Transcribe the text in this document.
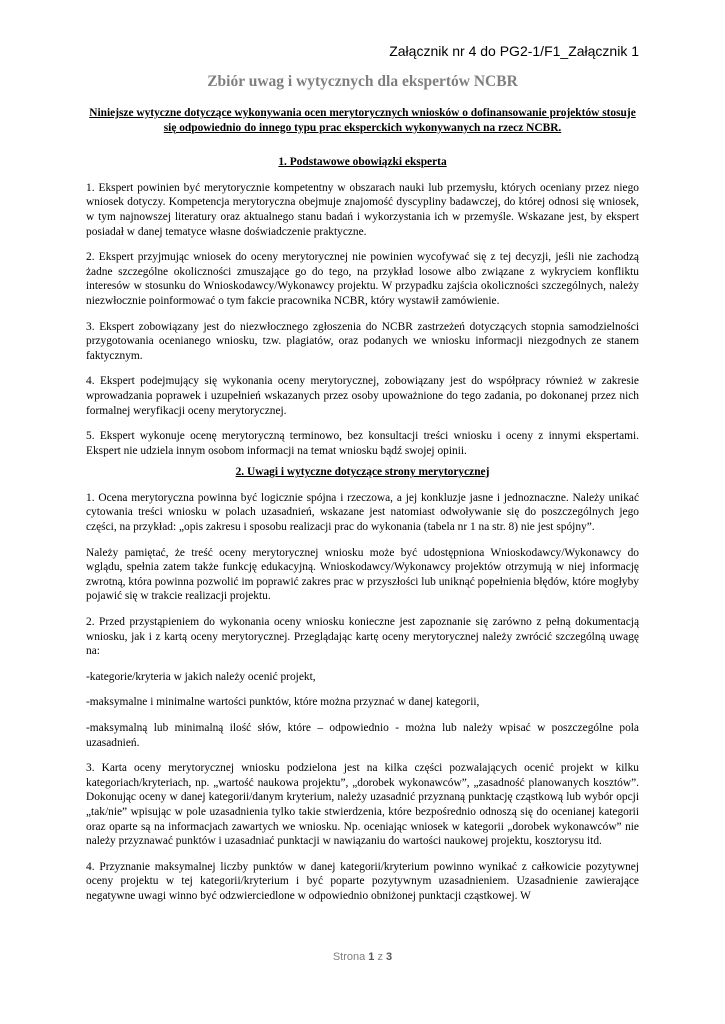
Załącznik nr 4 do PG2-1/F1_Załącznik 1
Zbiór uwag i wytycznych dla ekspertów NCBR
Niniejsze wytyczne dotyczące wykonywania ocen merytorycznych wniosków o dofinansowanie projektów stosuje się odpowiednio do innego typu prac eksperckich wykonywanych na rzecz NCBR.
1. Podstawowe obowiązki eksperta

1. Ekspert powinien być merytorycznie kompetentny w obszarach nauki lub przemysłu, których oceniany przez niego wniosek dotyczy. Kompetencja merytoryczna obejmuje znajomość dyscypliny badawczej, do której odnosi się wniosek, w tym najnowszej literatury oraz aktualnego stanu badań i wykorzystania ich w przemyśle. Wskazane jest, by ekspert posiadał w danej tematyce własne doświadczenie praktyczne.

2. Ekspert przyjmując wniosek do oceny merytorycznej nie powinien wycofywać się z tej decyzji, jeśli nie zachodzą żadne szczególne okoliczności zmuszające go do tego, na przykład losowe albo związane z wykryciem konfliktu interesów w stosunku do Wnioskodawcy/Wykonawcy projektu. W przypadku zajścia okoliczności szczególnych, należy niezwłocznie poinformować o tym fakcie pracownika NCBR, który wystawił zamówienie.

3. Ekspert zobowiązany jest do niezwłocznego zgłoszenia do NCBR zastrzeżeń dotyczących stopnia samodzielności przygotowania ocenianego wniosku, tzw. plagiatów, oraz podanych we wniosku informacji niezgodnych ze stanem faktycznym.

4. Ekspert podejmujący się wykonania oceny merytorycznej, zobowiązany jest do współpracy również w zakresie wprowadzania poprawek i uzupełnień wskazanych przez osoby upoważnione do tego zadania, po dokonanej przez nich formalnej weryfikacji oceny merytorycznej.

5. Ekspert wykonuje ocenę merytoryczną terminowo, bez konsultacji treści wniosku i oceny z innymi ekspertami. Ekspert nie udziela innym osobom informacji na temat wniosku bądź swojej opinii.

2. Uwagi i wytyczne dotyczące strony merytorycznej

1. Ocena merytoryczna powinna być logicznie spójna i rzeczowa, a jej konkluzje jasne i jednoznaczne. Należy unikać cytowania treści wniosku w polach uzasadnień, wskazane jest natomiast odwoływanie się do poszczególnych jego części, na przykład: „opis zakresu i sposobu realizacji prac do wykonania (tabela nr 1 na str. 8) nie jest spójny”.

Należy pamiętać, że treść oceny merytorycznej wniosku może być udostępniona Wnioskodawcy/Wykonawcy do wglądu, spełnia zatem także funkcję edukacyjną. Wnioskodawcy/Wykonawcy projektów otrzymują w niej informację zwrotną, która powinna pozwolić im poprawić zakres prac w przyszłości lub uniknąć popełnienia błędów, które mogłyby pojawić się w trakcie realizacji projektu.

2. Przed przystąpieniem do wykonania oceny wniosku konieczne jest zapoznanie się zarówno z pełną dokumentacją wniosku, jak i z kartą oceny merytorycznej. Przeglądając kartę oceny merytorycznej należy zwrócić szczególną uwagę na:

-kategorie/kryteria w jakich należy ocenić projekt,

-maksymalne i minimalne wartości punktów, które można przyznać w danej kategorii,

-maksymalną lub minimalną ilość słów, które – odpowiednio - można lub należy wpisać w poszczególne pola uzasadnień.

3. Karta oceny merytorycznej wniosku podzielona jest na kilka części pozwalających ocenić projekt w kilku kategoriach/kryteriach, np. „wartość naukowa projektu”, „dorobek wykonawców”, „zasadność planowanych kosztów”. Dokonując oceny w danej kategorii/danym kryterium, należy uzasadnić przyznaną punktację cząstkową lub wybór opcji „tak/nie” wpisując w pole uzasadnienia tylko takie stwierdzenia, które bezpośrednio odnoszą się do ocenianej kategorii oraz oparte są na informacjach zawartych we wniosku. Np. oceniając wniosek w kategorii „dorobek wykonawców” nie należy przyznawać punktów i uzasadniać punktacji w nawiązaniu do wartości naukowej projektu, kosztorysu itd.

4. Przyznanie maksymalnej liczby punktów w danej kategorii/kryterium powinno wynikać z całkowicie pozytywnej oceny projektu w tej kategorii/kryterium i być poparte pozytywnym uzasadnieniem. Uzasadnienie zawierające negatywne uwagi winno być odzwierciedlone w odpowiednio obniżonej punktacji cząstkowej. W

Strona 1 z 3
